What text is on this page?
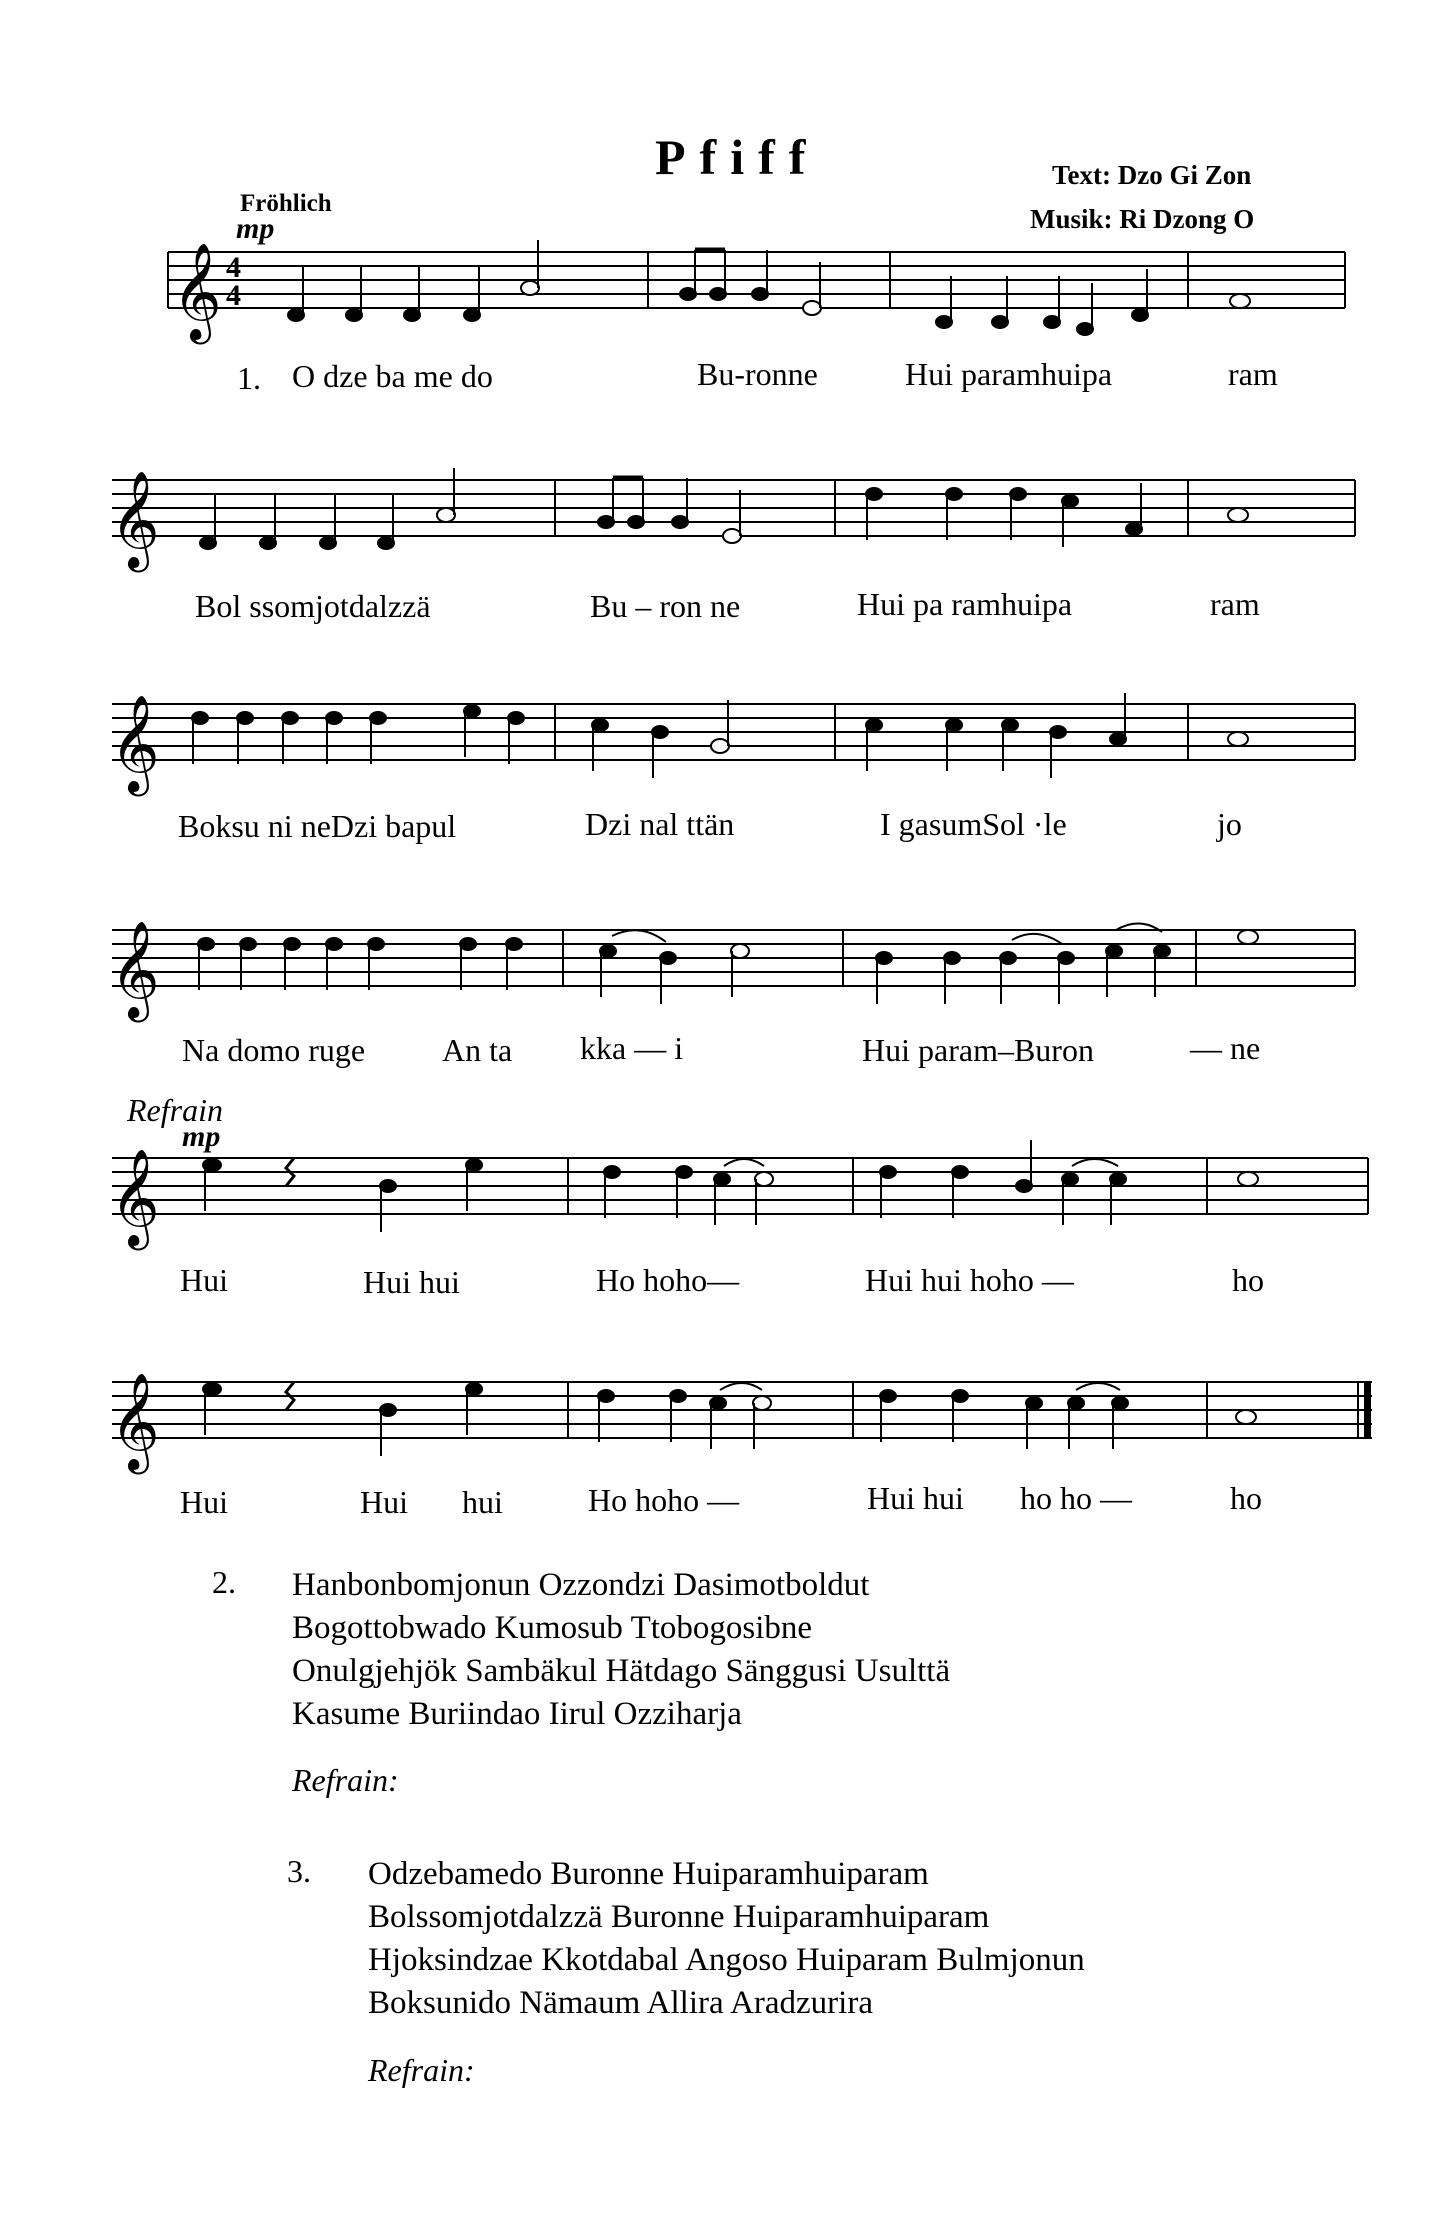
Pfiff	Text: Dzo Gi Zon
Musik: Ri Dzong O
Fröhlich
mp
𝄞 4
4
1. O dze ba me do	Bu-ronne	Hui paramhuipa	ram
𝄞
Bol ssomjotdalzzä	Bu – ron ne	Hui pa ramhuipa	ram
𝄞
Boksu ni neDzi bapul	Dzi nal ttän	I gasumSol ·le	jo
𝄞
Na domo ruge An ta kka — i	Hui param–Buron	— ne
Refrain
mp
𝄞
Hui	Hui hui	Ho hoho—	Hui hui hoho —	ho
𝄞
Hui	Hui hui	Ho hoho —	Hui hui ho ho —	ho
2. Hanbonbomjonun Ozzondzi Dasimotboldut
Bogottobwado Kumosub Ttobogosibne
Onulgjehjök Sambäkul Hätdago Sänggusi Usulttä
Kasume Buriindao Iirul Ozziharja
Refrain:
3. Odzebamedo Buronne Huiparamhuiparam
Bolssomjotdalzzä Buronne Huiparamhuiparam
Hjoksindzae Kkotdabal Angoso Huiparam Bulmjonun
Boksunido Nämaum Allira Aradzurira
Refrain:
